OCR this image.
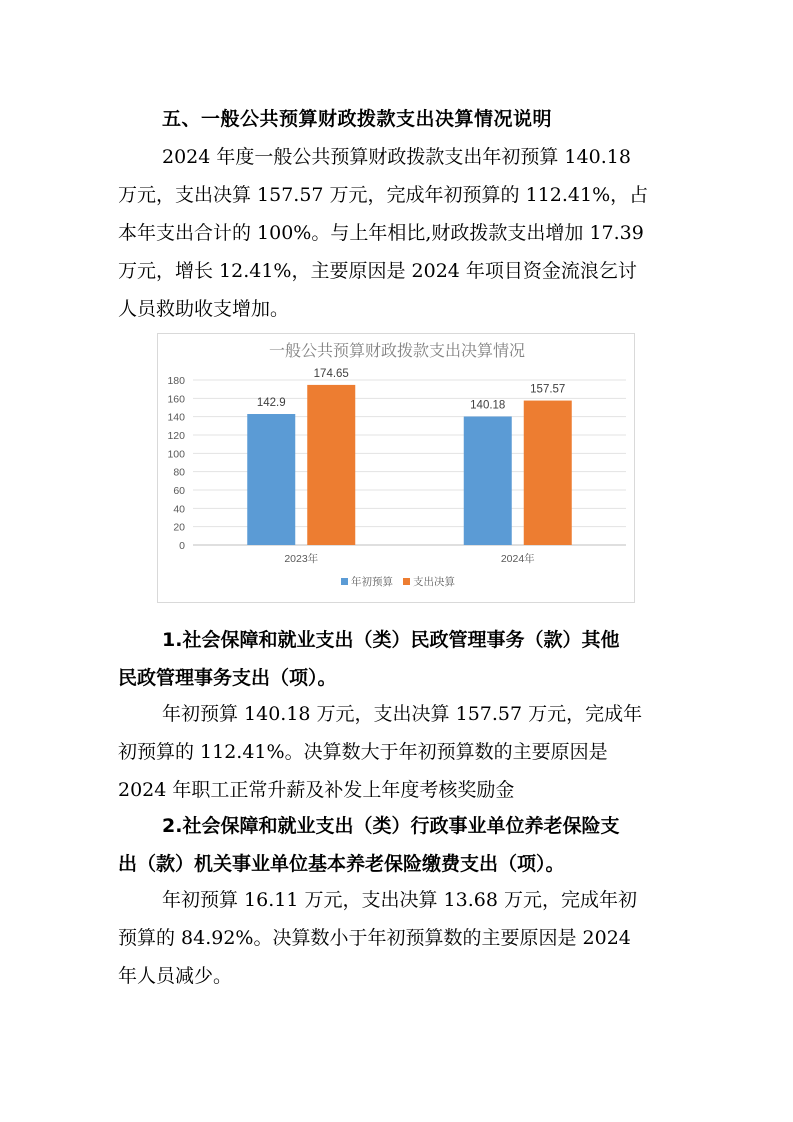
五、一般公共预算财政拨款支出决算情况说明

2024 年度一般公共预算财政拨款支出年初预算 140.18
万元，支出决算 157.57 万元，完成年初预算的 112.41%，占
本年支出合计的 100%。与上年相比,财政拨款支出增加 17.39
万元，增长 12.41%，主要原因是 2024 年项目资金流浪乞讨
人员救助收支增加。

一般公共预算财政拨款支出决算情况
0
20
40
60
80
100
120
140
160
180
142.9
174.65
2023年
140.18
157.57
2024年
年初预算 支出决算

1.社会保障和就业支出（类）民政管理事务（款）其他
民政管理事务支出（项）。

年初预算 140.18 万元，支出决算 157.57 万元，完成年
初预算的 112.41%。决算数大于年初预算数的主要原因是
2024 年职工正常升薪及补发上年度考核奖励金

2.社会保障和就业支出（类）行政事业单位养老保险支
出（款）机关事业单位基本养老保险缴费支出（项）。

年初预算 16.11 万元，支出决算 13.68 万元，完成年初
预算的 84.92%。决算数小于年初预算数的主要原因是 2024
年人员减少。
